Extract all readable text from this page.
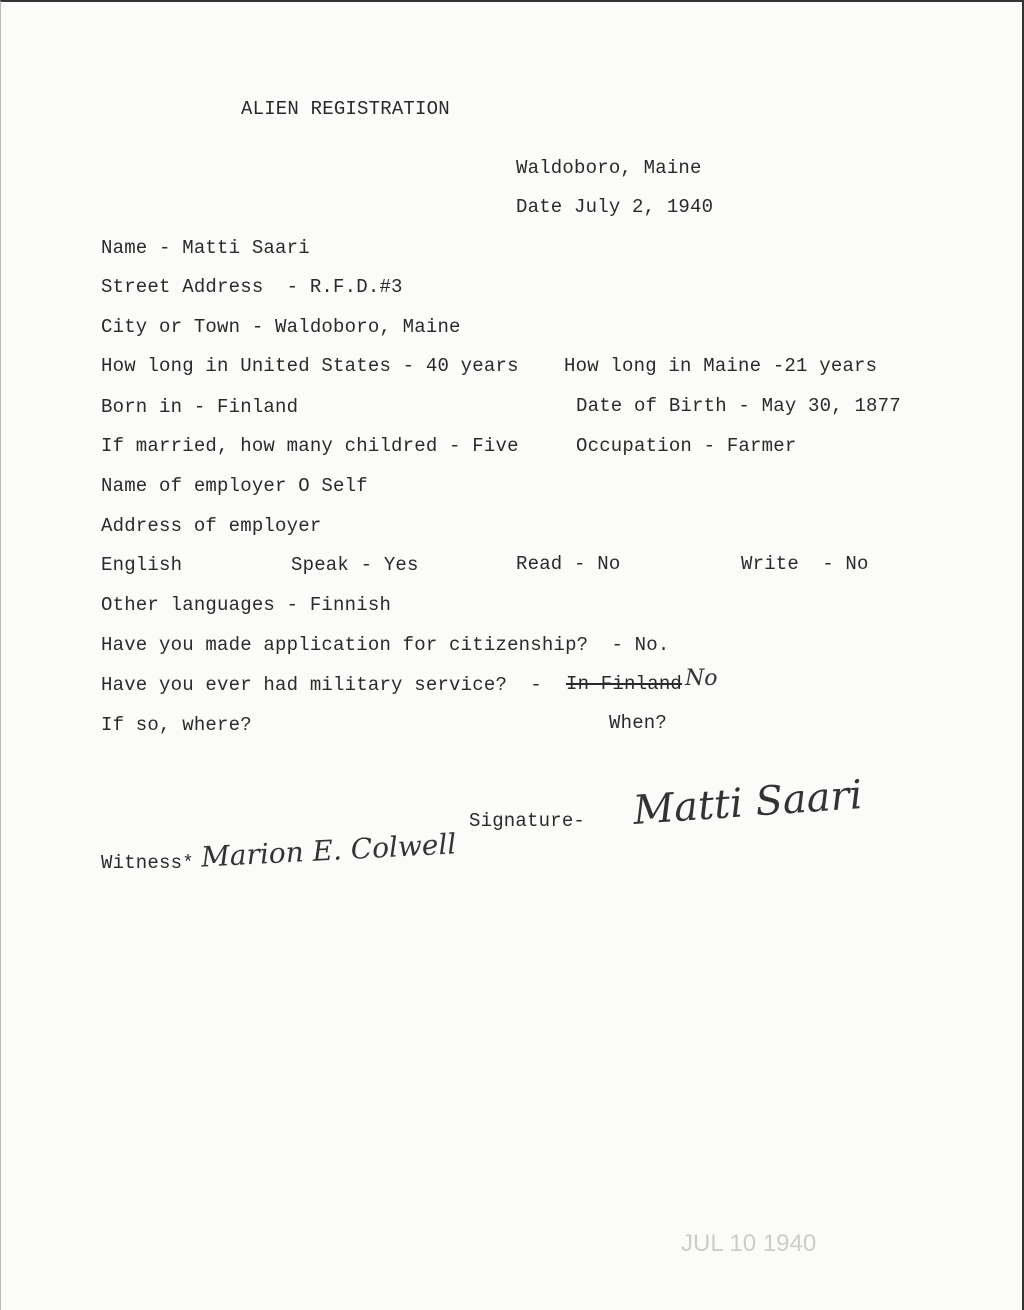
ALIEN REGISTRATION
Waldoboro, Maine
Date July 2, 1940
Name - Matti Saari
Street Address  - R.F.D.#3
City or Town - Waldoboro, Maine
How long in United States - 40 years How long in Maine -21 years
Born in - Finland	Date of Birth - May 30, 1877
If married, how many childred - Five	Occupation - Farmer
Name of employer O Self
Address of employer
English	Speak - Yes	Read - No	Write  - No
Other languages - Finnish
Have you made application for citizenship?  - No.
Have you ever had military service?  - In Finland No
If so, where?	When?
Signature- Matti Saari
Witness* Marion E. Colwell
JUL 10 1940
